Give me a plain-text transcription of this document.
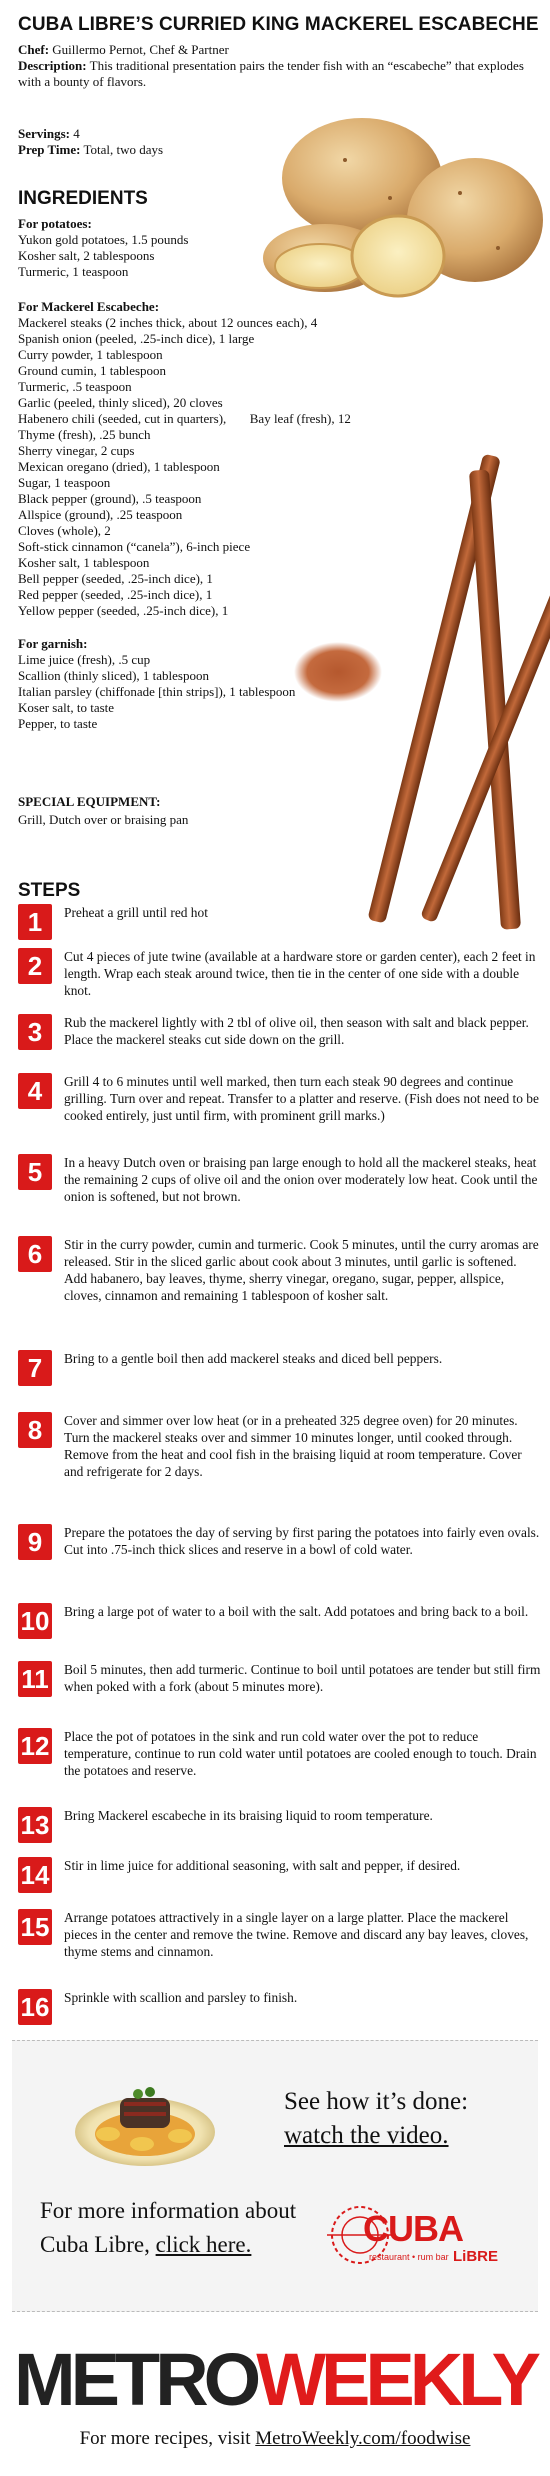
CUBA LIBRE’S CURRIED KING MACKEREL ESCABECHE
Chef: Guillermo Pernot, Chef & Partner
Description: This traditional presentation pairs the tender fish with an “escabeche” that explodes with a bounty of flavors.
Servings: 4
Prep Time: Total, two days
INGREDIENTS
For potatoes:
Yukon gold potatoes, 1.5 pounds
Kosher salt, 2 tablespoons
Turmeric, 1 teaspoon
For Mackerel Escabeche:
Mackerel steaks (2 inches thick, about 12 ounces each), 4
Spanish onion (peeled, .25-inch dice), 1 large
Curry powder, 1 tablespoon
Ground cumin, 1 tablespoon
Turmeric, .5 teaspoon
Garlic (peeled, thinly sliced), 20 cloves
Habenero chili (seeded, cut in quarters),   Bay leaf (fresh), 12
Thyme (fresh), .25 bunch
Sherry vinegar, 2 cups
Mexican oregano (dried), 1 tablespoon
Sugar, 1 teaspoon
Black pepper (ground), .5 teaspoon
Allspice (ground), .25 teaspoon
Cloves (whole), 2
Soft-stick cinnamon (“canela”), 6-inch piece
Kosher salt, 1 tablespoon
Bell pepper (seeded, .25-inch dice), 1
Red pepper (seeded, .25-inch dice), 1
Yellow pepper (seeded, .25-inch dice), 1
For garnish:
Lime juice (fresh), .5 cup
Scallion (thinly sliced), 1 tablespoon
Italian parsley (chiffonade [thin strips]), 1 tablespoon
Koser salt, to taste
Pepper, to taste
SPECIAL EQUIPMENT:
Grill, Dutch over or braising pan
STEPS
1	Preheat a grill until red hot
2	Cut 4 pieces of jute twine (available at a hardware store or garden center), each 2 feet in length. Wrap each steak around twice, then tie in the center of one side with a double knot.
3	Rub the mackerel lightly with 2 tbl of olive oil, then season with salt and black pepper. Place the mackerel steaks cut side down on the grill.
4	Grill 4 to 6 minutes until well marked, then turn each steak 90 degrees and continue grilling. Turn over and repeat. Transfer to a platter and reserve. (Fish does not need to be cooked entirely, just until firm, with prominent grill marks.)
5	In a heavy Dutch oven or braising pan large enough to hold all the mackerel steaks, heat the remaining 2 cups of olive oil and the onion over moderately low heat. Cook until the onion is softened, but not brown.
6	Stir in the curry powder, cumin and turmeric. Cook 5 minutes, until the curry aromas are released. Stir in the sliced garlic about cook about 3 minutes, until garlic is softened. Add habanero, bay leaves, thyme, sherry vinegar, oregano, sugar, pepper, allspice, cloves, cinnamon and remaining 1 tablespoon of kosher salt.
7	Bring to a gentle boil then add mackerel steaks and diced bell peppers.
8	Cover and simmer over low heat (or in a preheated 325 degree oven) for 20 minutes. Turn the mackerel steaks over and simmer 10 minutes longer, until cooked through. Remove from the heat and cool fish in the braising liquid at room temperature. Cover and refrigerate for 2 days.
9	Prepare the potatoes the day of serving by first paring the potatoes into fairly even ovals. Cut into .75-inch thick slices and reserve in a bowl of cold water.
10 Bring a large pot of water to a boil with the salt. Add potatoes and bring back to a boil.
11 Boil 5 minutes, then add turmeric. Continue to boil until potatoes are tender but still firm when poked with a fork (about 5 minutes more).
12 Place the pot of potatoes in the sink and run cold water over the pot to reduce temperature, continue to run cold water until potatoes are cooled enough to touch. Drain the potatoes and reserve.
13 Bring Mackerel escabeche in its braising liquid to room temperature.
14 Stir in lime juice for additional seasoning, with salt and pepper, if desired.
15 Arrange potatoes attractively in a single layer on a large platter. Place the mackerel pieces in the center and remove the twine. Remove and discard any bay leaves, cloves, thyme stems and cinnamon.
16 Sprinkle with scallion and parsley to finish.
See how it’s done:
watch the video.
For more information about
Cuba Libre, click here.	CUBA
restaurant • rum bar LiBRE
METROWEEKLY
For more recipes, visit MetroWeekly.com/foodwise
